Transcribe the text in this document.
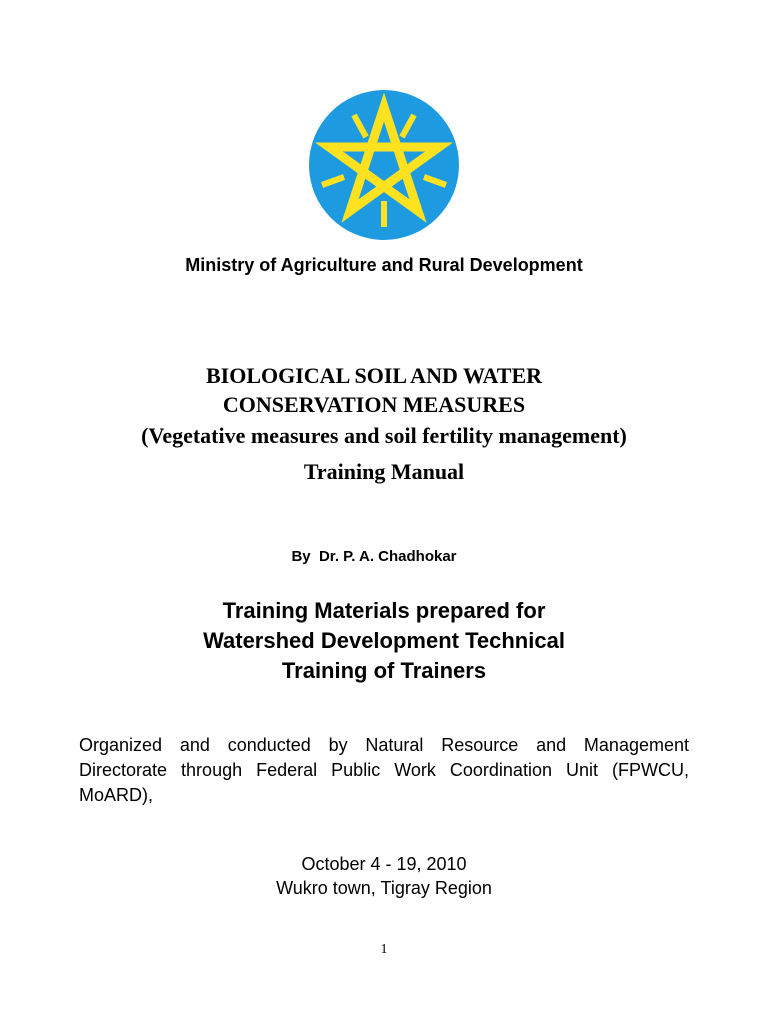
Ministry of Agriculture and Rural Development
BIOLOGICAL SOIL AND WATER
CONSERVATION MEASURES
(Vegetative measures and soil fertility management)
Training Manual
By  Dr. P. A. Chadhokar
Training Materials prepared for
Watershed Development Technical
Training of Trainers
Organized and conducted by Natural Resource and Management
Directorate through Federal Public Work Coordination Unit (FPWCU,
MoARD),
October 4 - 19, 2010
Wukro town, Tigray Region
1
